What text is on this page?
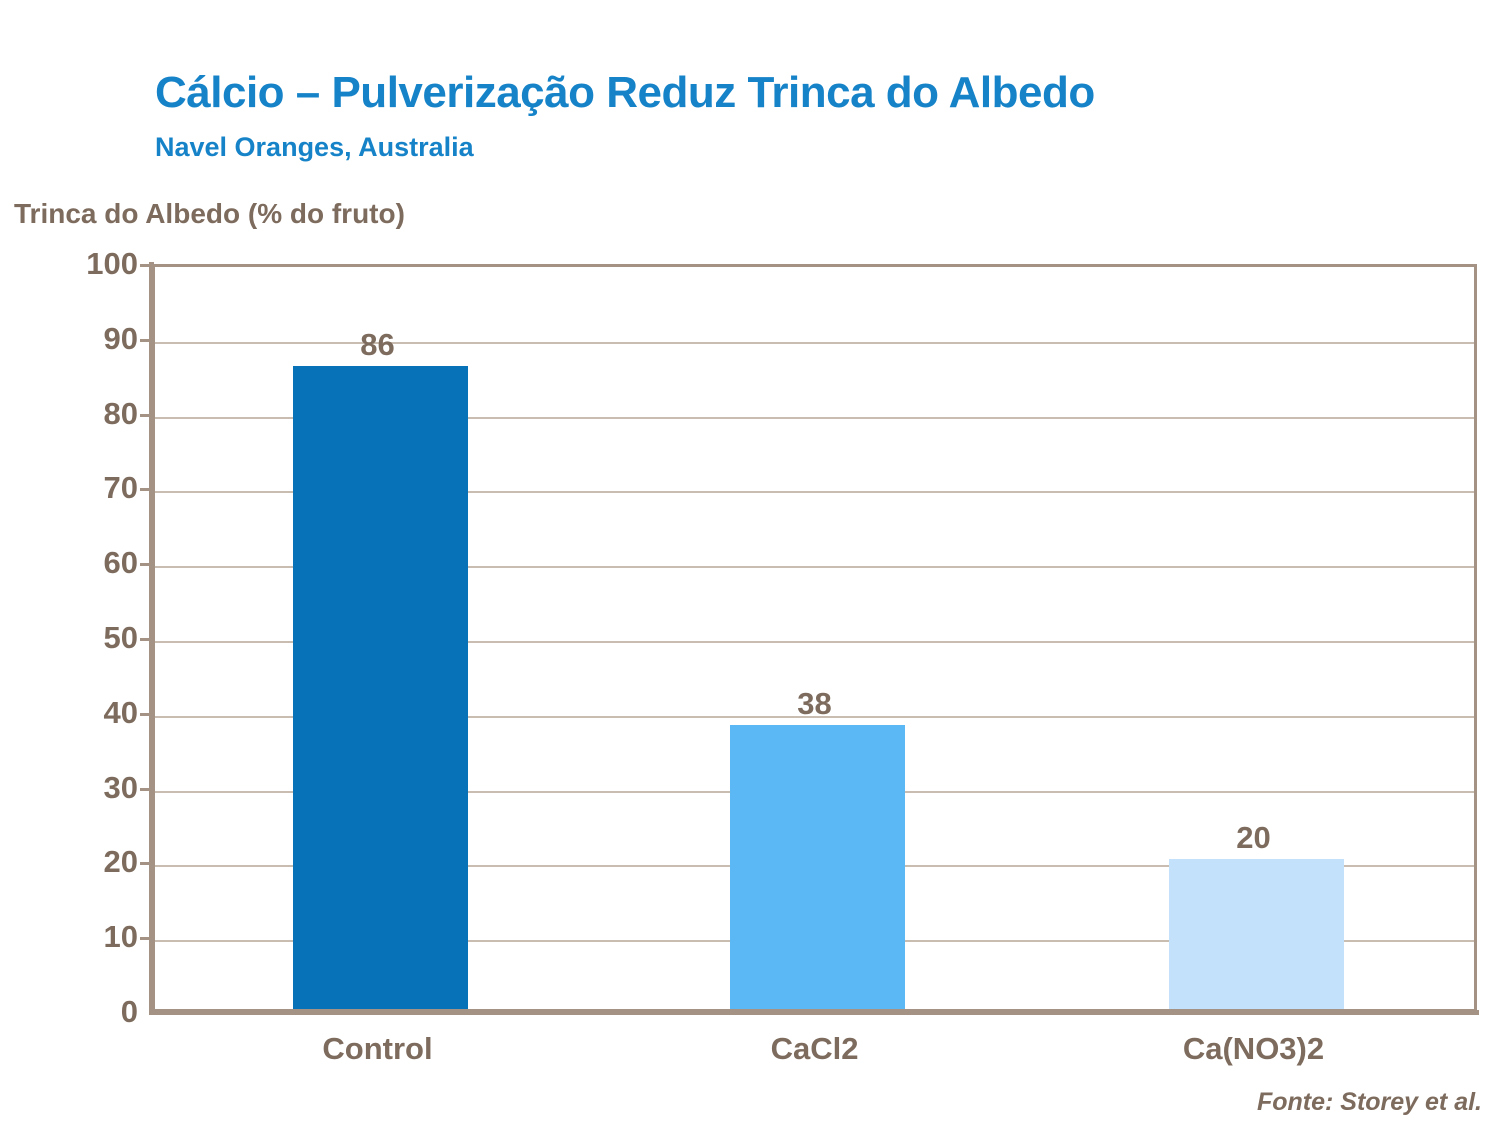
Cálcio – Pulverização Reduz Trinca do Albedo
Navel Oranges, Australia
Trinca do Albedo (% do fruto)
100
90
80
70
60
50
40
30
20
10
0
86
38
20
Control	CaCl2	Ca(NO3)2
Fonte: Storey et al.
